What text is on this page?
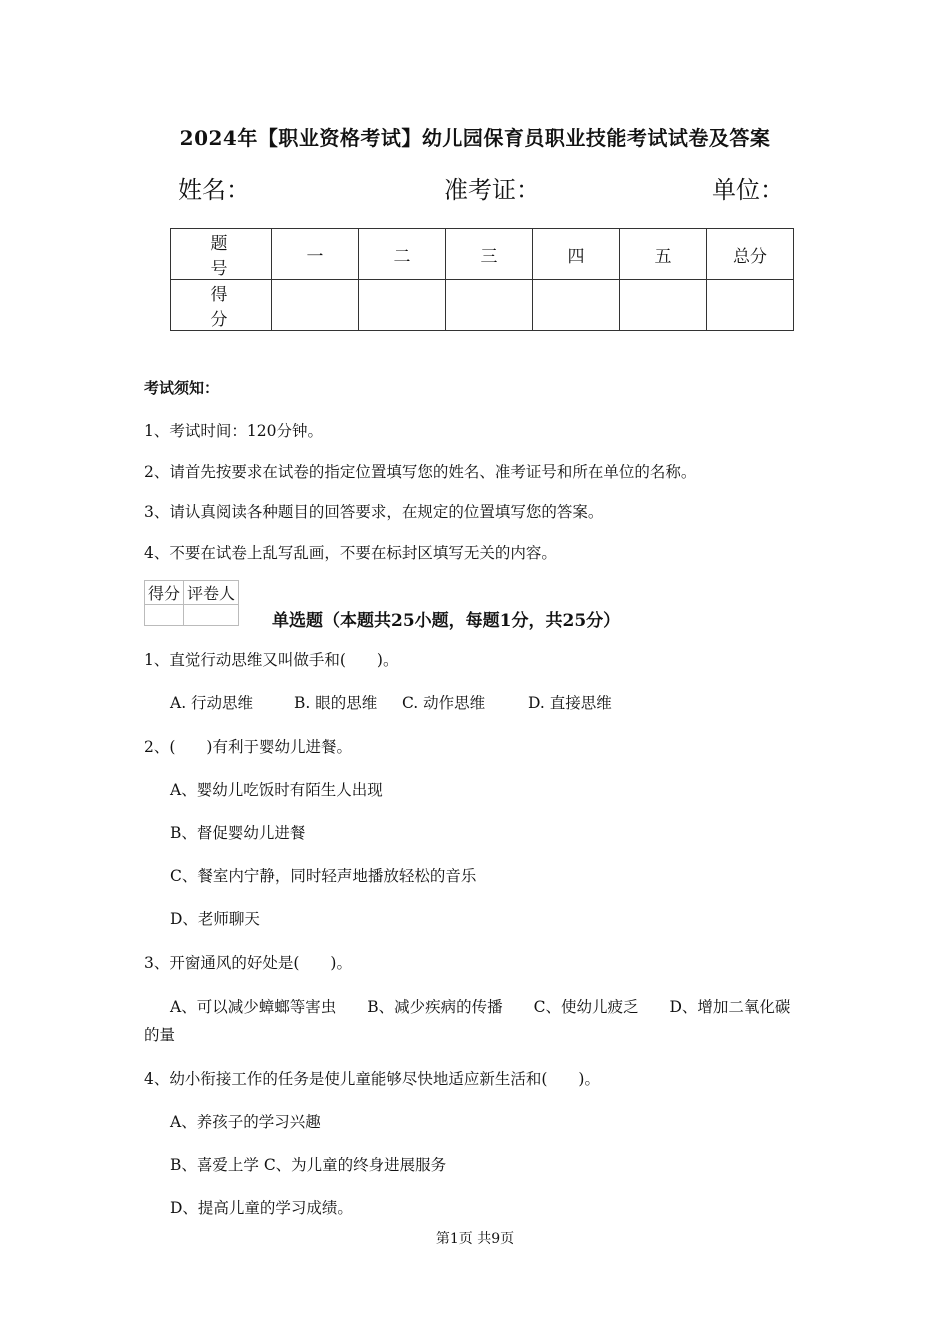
2024年【职业资格考试】幼儿园保育员职业技能考试试卷及答案
姓名：	准考证：	单位：
题 号	一	二	三	四	五	总分
得 分						
考试须知：
1、考试时间：120分钟。
2、请首先按要求在试卷的指定位置填写您的姓名、准考证号和所在单位的名称。
3、请认真阅读各种题目的回答要求，在规定的位置填写您的答案。
4、不要在试卷上乱写乱画，不要在标封区填写无关的内容。
得分	评卷人

单选题（本题共25小题，每题1分，共25分）
1、直觉行动思维又叫做手和(　　)。
A. 行动思维	B. 眼的思维 C. 动作思维	D. 直接思维
2、(　　)有利于婴幼儿进餐。
A、婴幼儿吃饭时有陌生人出现
B、督促婴幼儿进餐
C、餐室内宁静，同时轻声地播放轻松的音乐
D、老师聊天
3、开窗通风的好处是(　　)。
A、可以减少蟑螂等害虫　　B、减少疾病的传播　　C、使幼儿疲乏　　D、增加二氧化碳
的量
4、幼小衔接工作的任务是使儿童能够尽快地适应新生活和(　　)。
A、养孩子的学习兴趣
B、喜爱上学 C、为儿童的终身进展服务
D、提高儿童的学习成绩。
第1页 共9页
